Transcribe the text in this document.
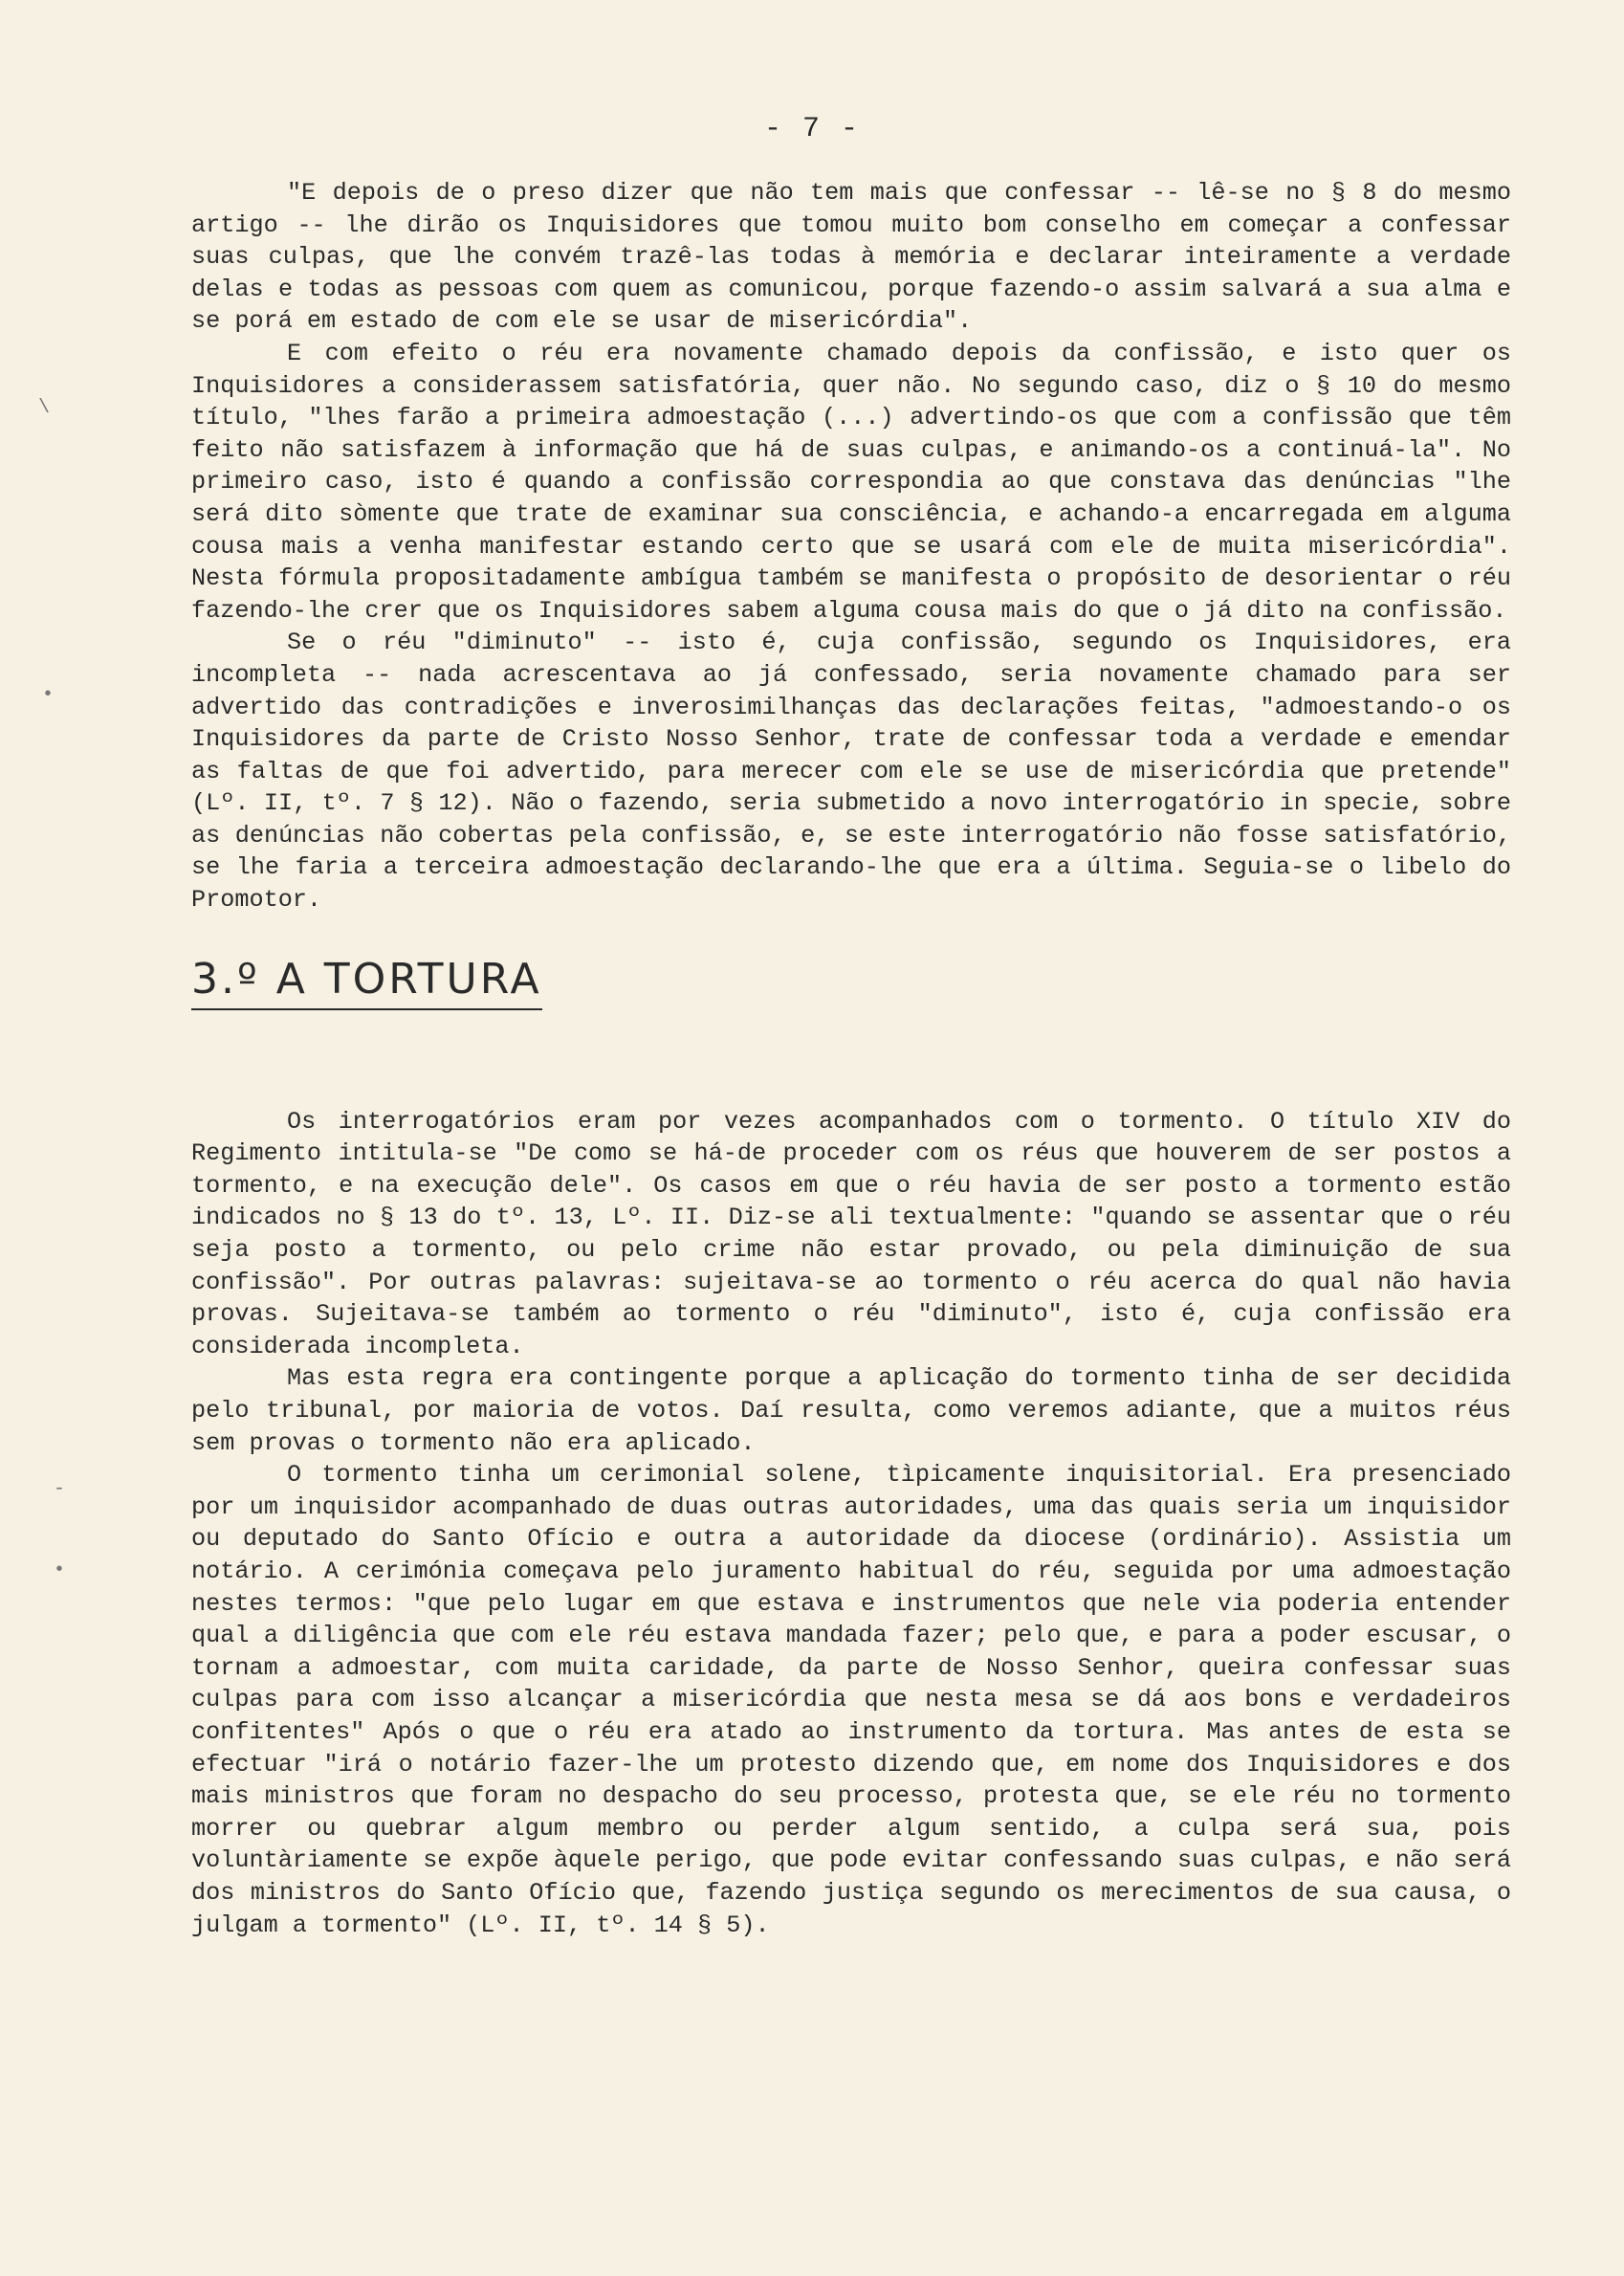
- 7 -

"E depois de o preso dizer que não tem mais que confessar -- lê-se no § 8 do mesmo artigo -- lhe dirão os Inquisidores que tomou muito bom conselho em começar a confessar suas culpas, que lhe convém trazê-las todas à memória e declarar inteiramente a verdade delas e todas as pessoas com quem as comunicou, porque fazendo-o assim salvará a sua alma e se porá em estado de com ele se usar de misericórdia".

E com efeito o réu era novamente chamado depois da confissão, e isto quer os Inquisidores a considerassem satisfatória, quer não. No segundo caso, diz o § 10 do mesmo título, "lhes farão a primeira admoestação (...) advertindo-os que com a confissão que têm feito não satisfazem à informação que há de suas culpas, e animando-os a continuá-la". No primeiro caso, isto é quando a confissão correspondia ao que constava das denúncias "lhe será dito sòmente que trate de examinar sua consciência, e achando-a encarregada em alguma cousa mais a venha manifestar estando certo que se usará com ele de muita misericórdia". Nesta fórmula propositadamente ambígua também se manifesta o propósito de desorientar o réu fazendo-lhe crer que os Inquisidores sabem alguma cousa mais do que o já dito na confissão.

Se o réu "diminuto" -- isto é, cuja confissão, segundo os Inquisidores, era incompleta -- nada acrescentava ao já confessado, seria novamente chamado para ser advertido das contradições e inverosimilhanças das declarações feitas, "admoestando-o os Inquisidores da parte de Cristo Nosso Senhor, trate de confessar toda a verdade e emendar as faltas de que foi advertido, para merecer com ele se use de misericórdia que pretende" (Lº. II, tº. 7 § 12). Não o fazendo, seria submetido a novo interrogatório in specie, sobre as denúncias não cobertas pela confissão, e, se este interrogatório não fosse satisfatório, se lhe faria a terceira admoestação declarando-lhe que era a última. Seguia-se o libelo do Promotor.

3.º A TORTURA

Os interrogatórios eram por vezes acompanhados com o tormento. O título XIV do Regimento intitula-se "De como se há-de proceder com os réus que houverem de ser postos a tormento, e na execução dele". Os casos em que o réu havia de ser posto a tormento estão indicados no § 13 do tº. 13, Lº. II. Diz-se ali textualmente: "quando se assentar que o réu seja posto a tormento, ou pelo crime não estar provado, ou pela diminuição de sua confissão". Por outras palavras: sujeitava-se ao tormento o réu acerca do qual não havia provas. Sujeitava-se também ao tormento o réu "diminuto", isto é, cuja confissão era considerada incompleta.

Mas esta regra era contingente porque a aplicação do tormento tinha de ser decidida pelo tribunal, por maioria de votos. Daí resulta, como veremos adiante, que a muitos réus sem provas o tormento não era aplicado.

O tormento tinha um cerimonial solene, tìpicamente inquisitorial. Era presenciado por um inquisidor acompanhado de duas outras autoridades, uma das quais seria um inquisidor ou deputado do Santo Ofício e outra a autoridade da diocese (ordinário). Assistia um notário. A cerimónia começava pelo juramento habitual do réu, seguida por uma admoestação nestes termos: "que pelo lugar em que estava e instrumentos que nele via poderia entender qual a diligência que com ele réu estava mandada fazer; pelo que, e para a poder escusar, o tornam a admoestar, com muita caridade, da parte de Nosso Senhor, queira confessar suas culpas para com isso alcançar a misericórdia que nesta mesa se dá aos bons e verdadeiros confitentes" Após o que o réu era atado ao instrumento da tortura. Mas antes de esta se efectuar "irá o notário fazer-lhe um protesto dizendo que, em nome dos Inquisidores e dos mais ministros que foram no despacho do seu processo, protesta que, se ele réu no tormento morrer ou quebrar algum membro ou perder algum sentido, a culpa será sua, pois voluntàriamente se expõe àquele perigo, que pode evitar confessando suas culpas, e não será dos ministros do Santo Ofício que, fazendo justiça segundo os merecimentos de sua causa, o julgam a tormento" (Lº. II, tº. 14 § 5).

\
•
-
•
